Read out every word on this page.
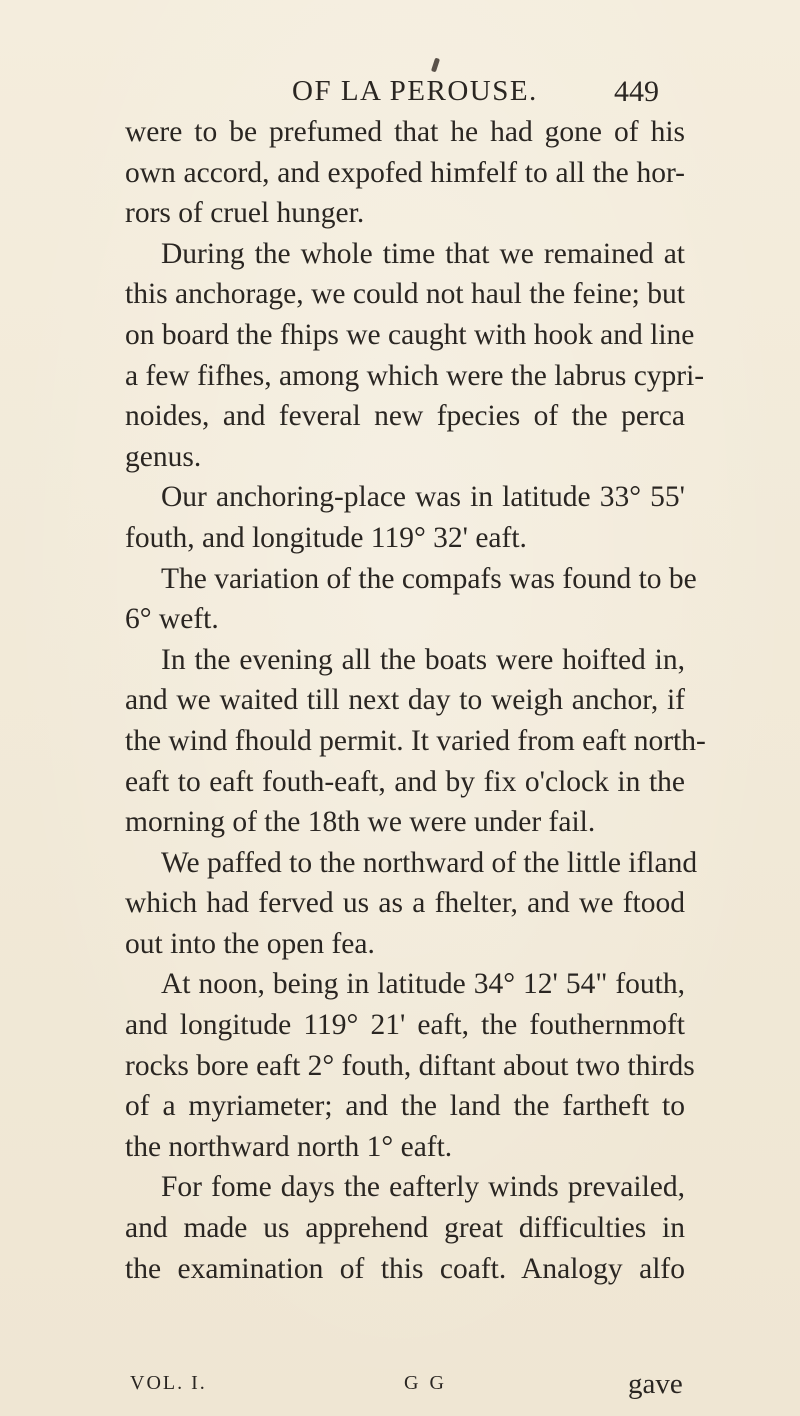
OF LA PEROUSE.	449
were to be prefumed that he had gone of his
own accord, and expofed himfelf to all the hor-
rors of cruel hunger.
During the whole time that we remained at
this anchorage, we could not haul the feine; but
on board the fhips we caught with hook and line
a few fifhes, among which were the labrus cypri-
noides, and feveral new fpecies of the perca
genus.
Our anchoring-place was in latitude 33° 55'
fouth, and longitude 119° 32' eaft.
The variation of the compafs was found to be
6° weft.
In the evening all the boats were hoifted in,
and we waited till next day to weigh anchor, if
the wind fhould permit. It varied from eaft north-
eaft to eaft fouth-eaft, and by fix o'clock in the
morning of the 18th we were under fail.
We paffed to the northward of the little ifland
which had ferved us as a fhelter, and we ftood
out into the open fea.
At noon, being in latitude 34° 12' 54" fouth,
and longitude 119° 21' eaft, the fouthernmoft
rocks bore eaft 2° fouth, diftant about two thirds
of a myriameter; and the land the fartheft to
the northward north 1° eaft.
For fome days the eafterly winds prevailed,
and made us apprehend great difficulties in
the examination of this coaft. Analogy alfo
VOL. I.	G G	gave
